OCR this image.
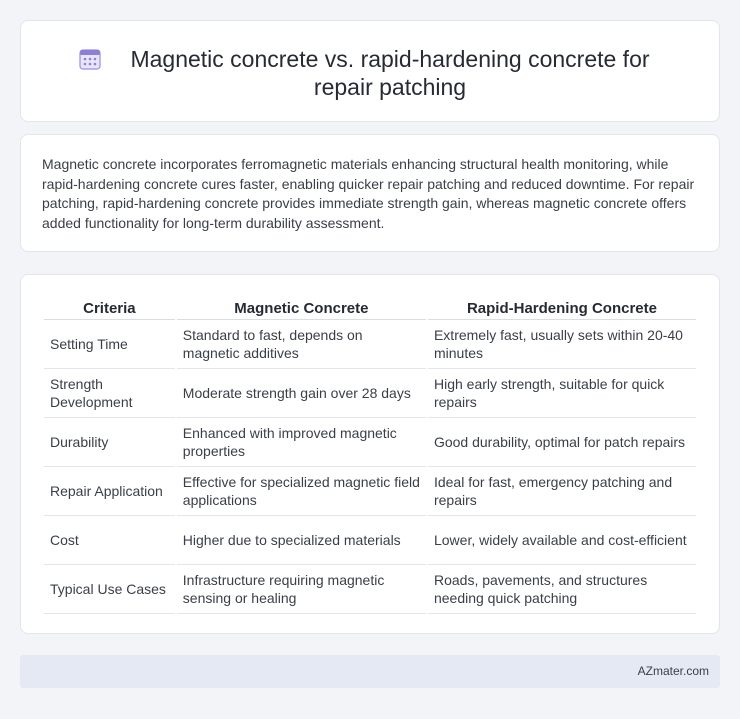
Magnetic concrete vs. rapid-hardening concrete for repair patching

Magnetic concrete incorporates ferromagnetic materials enhancing structural health monitoring, while rapid-hardening concrete cures faster, enabling quicker repair patching and reduced downtime. For repair patching, rapid-hardening concrete provides immediate strength gain, whereas magnetic concrete offers added functionality for long-term durability assessment.

Criteria	Magnetic Concrete	Rapid-Hardening Concrete
Setting Time	Standard to fast, depends on magnetic additives	Extremely fast, usually sets within 20-40 minutes
Strength Development	Moderate strength gain over 28 days	High early strength, suitable for quick repairs
Durability	Enhanced with improved magnetic properties	Good durability, optimal for patch repairs
Repair Application	Effective for specialized magnetic field applications	Ideal for fast, emergency patching and repairs
Cost	Higher due to specialized materials	Lower, widely available and cost-efficient
Typical Use Cases	Infrastructure requiring magnetic sensing or healing	Roads, pavements, and structures needing quick patching
AZmater.com
